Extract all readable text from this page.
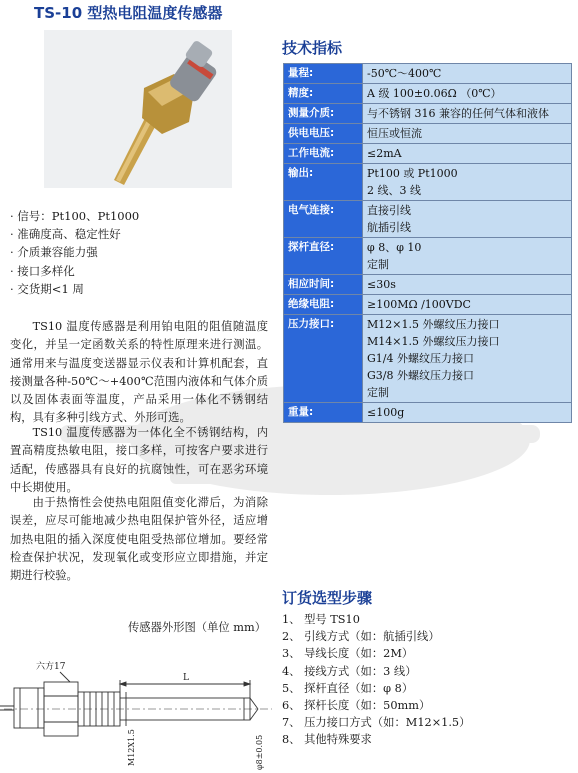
TS-10 型热电阻温度传感器
· 信号：Pt100、Pt1000
· 准确度高、稳定性好
· 介质兼容能力强
· 接口多样化
· 交货期<1 周
TS10 温度传感器是利用铂电阻的阻值随温度变化，并呈一定函数关系的特性原理来进行测温。通常用来与温度变送器显示仪表和计算机配套，直接测量各种-50℃～+400℃范围内液体和气体介质以及固体表面等温度，产品采用一体化不锈钢结构，具有多种引线方式、外形可选。
TS10 温度传感器为一体化全不锈钢结构，内置高精度热敏电阻，接口多样，可按客户要求进行适配，传感器具有良好的抗腐蚀性，可在恶劣环境中长期使用。
由于热惰性会使热电阻阻值变化滞后，为消除误差，应尽可能地减少热电阻保护管外径，适应增加热电阻的插入深度使电阻受热部位增加。要经常检查保护状况，发现氧化或变形应立即措施，并定期进行校验。
技术指标
量程:	-50℃～400℃

精度:	A 级 100±0.06Ω （0℃）

测量介质:	与不锈钢 316 兼容的任何气体和液体

供电电压:	恒压或恒流

工作电流:	≤2mA

输出:	Pt100 或 Pt1000
2 线、3 线

电气连接:	直接引线
航插引线

探杆直径:	φ 8、φ 10
定制

相应时间:	≤30s

绝缘电阻:	≥100MΩ /100VDC

压力接口:	M12×1.5 外螺纹压力接口
M14×1.5 外螺纹压力接口
G1/4 外螺纹压力接口
G3/8 外螺纹压力接口
定制

重量:	≤100g
订货选型步骤
1、 型号 TS10
2、 引线方式（如：航插引线）
3、 导线长度（如：2M）
4、 接线方式（如：3 线）
5、 探杆直径（如：φ 8）
6、 探杆长度（如：50mm）
7、 压力接口方式（如：M12×1.5）
8、 其他特殊要求
传感器外形图（单位 mm）
六方17
L
M12X1.5	φ8±0.05
